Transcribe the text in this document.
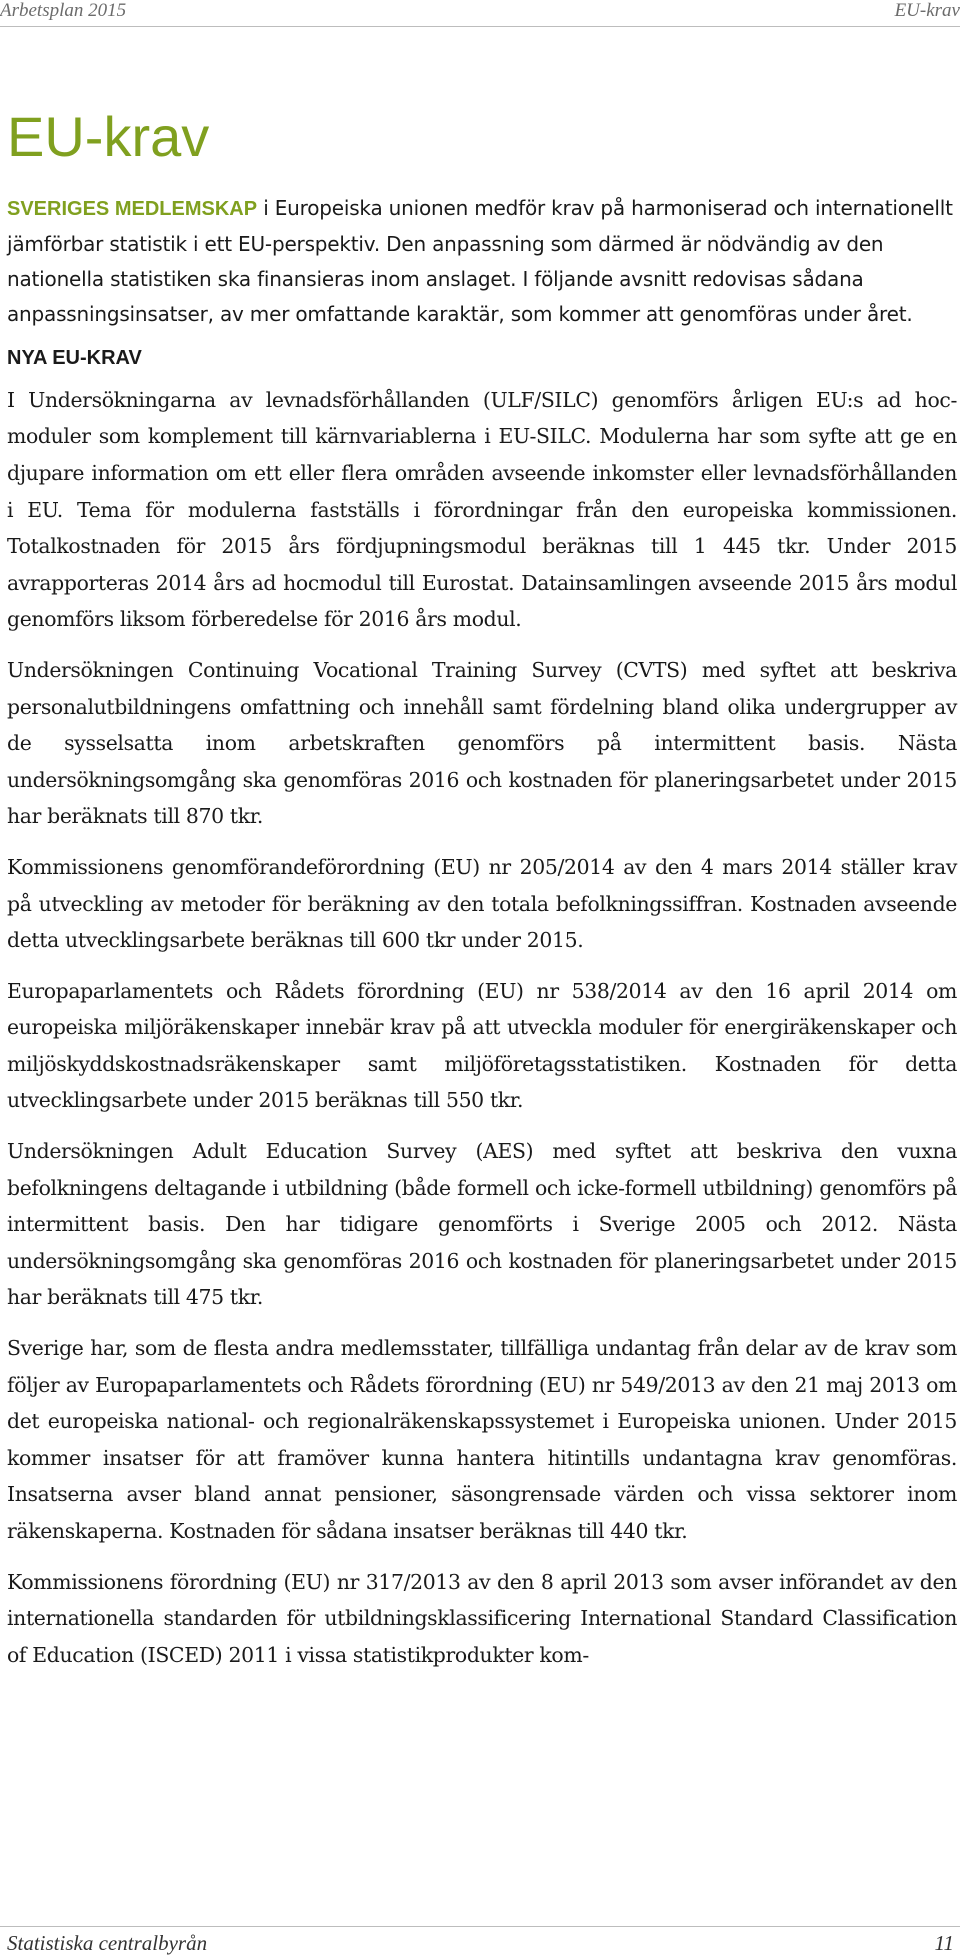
Arbetsplan 2015	EU-krav
EU-krav

SVERIGES MEDLEMSKAP i Europeiska unionen medför krav på harmoniserad och internationellt jämförbar statistik i ett EU-perspektiv. Den anpassning som därmed är nödvändig av den nationella statistiken ska finansieras inom anslaget. I följande avsnitt redovisas sådana anpassningsinsatser, av mer omfattande karaktär, som kommer att genomföras under året.

NYA EU-KRAV

I Undersökningarna av levnadsförhållanden (ULF/SILC) genomförs årligen EU:s ad hoc-moduler som komplement till kärnvariablerna i EU-SILC. Modulerna har som syfte att ge en djupare information om ett eller flera områden avseende inkomster eller levnadsförhållanden i EU. Tema för modulerna fastställs i förordningar från den europeiska kommissionen. Totalkostnaden för 2015 års fördjupningsmodul beräknas till 1 445 tkr. Under 2015 avrapporteras 2014 års ad hocmodul till Eurostat. Datainsamlingen avseende 2015 års modul genomförs liksom förberedelse för 2016 års modul.

Undersökningen Continuing Vocational Training Survey (CVTS) med syftet att beskriva personalutbildningens omfattning och innehåll samt fördelning bland olika undergrupper av de sysselsatta inom arbetskraften genomförs på intermittent basis. Nästa undersökningsomgång ska genomföras 2016 och kostnaden för planeringsarbetet under 2015 har beräknats till 870 tkr.

Kommissionens genomförandeförordning (EU) nr 205/2014 av den 4 mars 2014 ställer krav på utveckling av metoder för beräkning av den totala befolkningssiffran. Kostnaden avseende detta utvecklingsarbete beräknas till 600 tkr under 2015.

Europaparlamentets och Rådets förordning (EU) nr 538/2014 av den 16 april 2014 om europeiska miljöräkenskaper innebär krav på att utveckla moduler för energiräkenskaper och miljöskyddskostnadsräkenskaper samt miljöföretagsstatistiken. Kostnaden för detta utvecklingsarbete under 2015 beräknas till 550 tkr.

Undersökningen Adult Education Survey (AES) med syftet att beskriva den vuxna befolkningens deltagande i utbildning (både formell och icke-formell utbildning) genomförs på intermittent basis. Den har tidigare genomförts i Sverige 2005 och 2012. Nästa undersökningsomgång ska genomföras 2016 och kostnaden för planeringsarbetet under 2015 har beräknats till 475 tkr.

Sverige har, som de flesta andra medlemsstater, tillfälliga undantag från delar av de krav som följer av Europaparlamentets och Rådets förordning (EU) nr 549/2013 av den 21 maj 2013 om det europeiska national- och regionalräkenskapssystemet i Europeiska unionen. Under 2015 kommer insatser för att framöver kunna hantera hitintills undantagna krav genomföras. Insatserna avser bland annat pensioner, säsongrensade värden och vissa sektorer inom räkenskaperna. Kostnaden för sådana insatser beräknas till 440 tkr.

Kommissionens förordning (EU) nr 317/2013 av den 8 april 2013 som avser införandet av den internationella standarden för utbildningsklassificering International Standard Classification of Education (ISCED) 2011 i vissa statistikprodukter kom-

Statistiska centralbyrån	11
